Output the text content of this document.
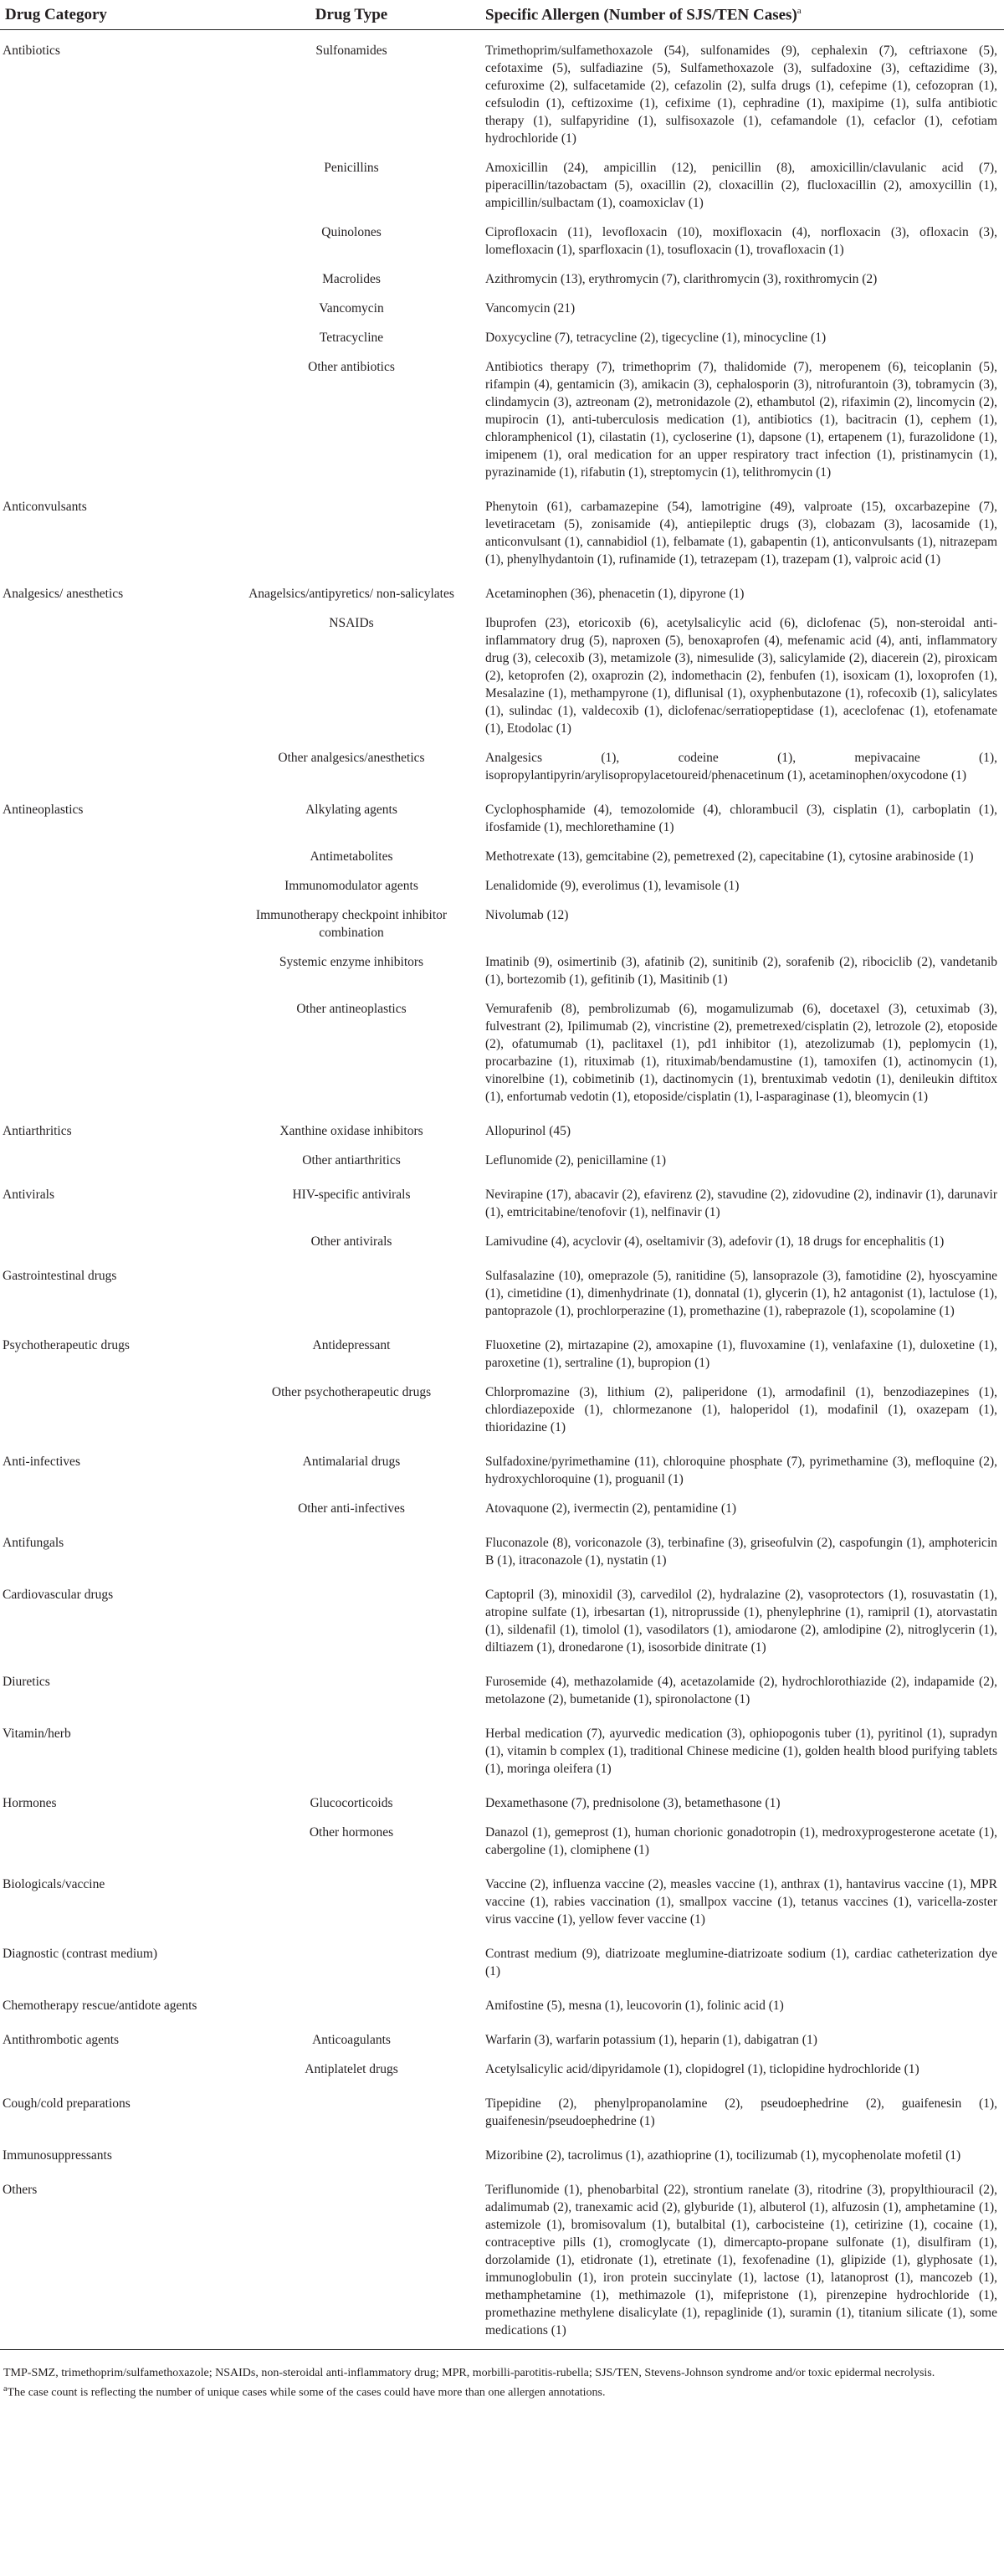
Drug Category	Drug Type	Specific Allergen (Number of SJS/TEN Cases)$^a$
Antibiotics	Sulfonamides	Trimethoprim/sulfamethoxazole (54), sulfonamides (9), cephalexin (7), ceftriaxone (5), cefotaxime (5), sulfadiazine (5), Sulfamethoxazole (3), sulfadoxine (3), ceftazidime (3), cefuroxime (2), sulfacetamide (2), cefazolin (2), sulfa drugs (1), cefepime (1), cefozopran (1), cefsulodin (1), ceftizoxime (1), cefixime (1), cephradine (1), maxipime (1), sulfa antibiotic therapy (1), sulfapyridine (1), sulfisoxazole (1), cefamandole (1), cefaclor (1), cefotiam hydrochloride (1)
	Penicillins	Amoxicillin (24), ampicillin (12), penicillin (8), amoxicillin/clavulanic acid (7), piperacillin/tazobactam (5), oxacillin (2), cloxacillin (2), flucloxacillin (2), amoxycillin (1), ampicillin/sulbactam (1), coamoxiclav (1)
	Quinolones	Ciprofloxacin (11), levofloxacin (10), moxifloxacin (4), norfloxacin (3), ofloxacin (3), lomefloxacin (1), sparfloxacin (1), tosufloxacin (1), trovafloxacin (1)
	Macrolides	Azithromycin (13), erythromycin (7), clarithromycin (3), roxithromycin (2)
	Vancomycin	Vancomycin (21)
	Tetracycline	Doxycycline (7), tetracycline (2), tigecycline (1), minocycline (1)
	Other antibiotics	Antibiotics therapy (7), trimethoprim (7), thalidomide (7), meropenem (6), teicoplanin (5), rifampin (4), gentamicin (3), amikacin (3), cephalosporin (3), nitrofurantoin (3), tobramycin (3), clindamycin (3), aztreonam (2), metronidazole (2), ethambutol (2), rifaximin (2), lincomycin (2), mupirocin (1), anti-tuberculosis medication (1), antibiotics (1), bacitracin (1), cephem (1), chloramphenicol (1), cilastatin (1), cycloserine (1), dapsone (1), ertapenem (1), furazolidone (1), imipenem (1), oral medication for an upper respiratory tract infection (1), pristinamycin (1), pyrazinamide (1), rifabutin (1), streptomycin (1), telithromycin (1)
Anticonvulsants		Phenytoin (61), carbamazepine (54), lamotrigine (49), valproate (15), oxcarbazepine (7), levetiracetam (5), zonisamide (4), antiepileptic drugs (3), clobazam (3), lacosamide (1), anticonvulsant (1), cannabidiol (1), felbamate (1), gabapentin (1), anticonvulsants (1), nitrazepam (1), phenylhydantoin (1), rufinamide (1), tetrazepam (1), trazepam (1), valproic acid (1)
Analgesics/ anesthetics	Anagelsics/antipyretics/ non-salicylates	Acetaminophen (36), phenacetin (1), dipyrone (1)
	NSAIDs	Ibuprofen (23), etoricoxib (6), acetylsalicylic acid (6), diclofenac (5), non-steroidal anti-inflammatory drug (5), naproxen (5), benoxaprofen (4), mefenamic acid (4), anti, inflammatory drug (3), celecoxib (3), metamizole (3), nimesulide (3), salicylamide (2), diacerein (2), piroxicam (2), ketoprofen (2), oxaprozin (2), indomethacin (2), fenbufen (1), isoxicam (1), loxoprofen (1), Mesalazine (1), methampyrone (1), diflunisal (1), oxyphenbutazone (1), rofecoxib (1), salicylates (1), sulindac (1), valdecoxib (1), diclofenac/serratiopeptidase (1), aceclofenac (1), etofenamate (1), Etodolac (1)
	Other analgesics/anesthetics	Analgesics (1), codeine (1), mepivacaine (1), isopropylantipyrin/arylisopropylacetoureid/phenacetinum (1), acetaminophen/oxycodone (1)
Antineoplastics	Alkylating agents	Cyclophosphamide (4), temozolomide (4), chlorambucil (3), cisplatin (1), carboplatin (1), ifosfamide (1), mechlorethamine (1)
	Antimetabolites	Methotrexate (13), gemcitabine (2), pemetrexed (2), capecitabine (1), cytosine arabinoside (1)
	Immunomodulator agents	Lenalidomide (9), everolimus (1), levamisole (1)
	Immunotherapy checkpoint inhibitor combination	Nivolumab (12)
	Systemic enzyme inhibitors	Imatinib (9), osimertinib (3), afatinib (2), sunitinib (2), sorafenib (2), ribociclib (2), vandetanib (1), bortezomib (1), gefitinib (1), Masitinib (1)
	Other antineoplastics	Vemurafenib (8), pembrolizumab (6), mogamulizumab (6), docetaxel (3), cetuximab (3), fulvestrant (2), Ipilimumab (2), vincristine (2), premetrexed/cisplatin (2), letrozole (2), etoposide (2), ofatumumab (1), paclitaxel (1), pd1 inhibitor (1), atezolizumab (1), peplomycin (1), procarbazine (1), rituximab (1), rituximab/bendamustine (1), tamoxifen (1), actinomycin (1), vinorelbine (1), cobimetinib (1), dactinomycin (1), brentuximab vedotin (1), denileukin diftitox (1), enfortumab vedotin (1), etoposide/cisplatin (1), l-asparaginase (1), bleomycin (1)
Antiarthritics	Xanthine oxidase inhibitors	Allopurinol (45)
	Other antiarthritics	Leflunomide (2), penicillamine (1)
Antivirals	HIV-specific antivirals	Nevirapine (17), abacavir (2), efavirenz (2), stavudine (2), zidovudine (2), indinavir (1), darunavir (1), emtricitabine/tenofovir (1), nelfinavir (1)
	Other antivirals	Lamivudine (4), acyclovir (4), oseltamivir (3), adefovir (1), 18 drugs for encephalitis (1)
Gastrointestinal drugs		Sulfasalazine (10), omeprazole (5), ranitidine (5), lansoprazole (3), famotidine (2), hyoscyamine (1), cimetidine (1), dimenhydrinate (1), donnatal (1), glycerin (1), h2 antagonist (1), lactulose (1), pantoprazole (1), prochlorperazine (1), promethazine (1), rabeprazole (1), scopolamine (1)
Psychotherapeutic drugs	Antidepressant	Fluoxetine (2), mirtazapine (2), amoxapine (1), fluvoxamine (1), venlafaxine (1), duloxetine (1), paroxetine (1), sertraline (1), bupropion (1)
	Other psychotherapeutic drugs	Chlorpromazine (3), lithium (2), paliperidone (1), armodafinil (1), benzodiazepines (1), chlordiazepoxide (1), chlormezanone (1), haloperidol (1), modafinil (1), oxazepam (1), thioridazine (1)
Anti-infectives	Antimalarial drugs	Sulfadoxine/pyrimethamine (11), chloroquine phosphate (7), pyrimethamine (3), mefloquine (2), hydroxychloroquine (1), proguanil (1)
	Other anti-infectives	Atovaquone (2), ivermectin (2), pentamidine (1)
Antifungals		Fluconazole (8), voriconazole (3), terbinafine (3), griseofulvin (2), caspofungin (1), amphotericin B (1), itraconazole (1), nystatin (1)
Cardiovascular drugs		Captopril (3), minoxidil (3), carvedilol (2), hydralazine (2), vasoprotectors (1), rosuvastatin (1), atropine sulfate (1), irbesartan (1), nitroprusside (1), phenylephrine (1), ramipril (1), atorvastatin (1), sildenafil (1), timolol (1), vasodilators (1), amiodarone (2), amlodipine (2), nitroglycerin (1), diltiazem (1), dronedarone (1), isosorbide dinitrate (1)
Diuretics		Furosemide (4), methazolamide (4), acetazolamide (2), hydrochlorothiazide (2), indapamide (2), metolazone (2), bumetanide (1), spironolactone (1)
Vitamin/herb		Herbal medication (7), ayurvedic medication (3), ophiopogonis tuber (1), pyritinol (1), supradyn (1), vitamin b complex (1), traditional Chinese medicine (1), golden health blood purifying tablets (1), moringa oleifera (1)
Hormones	Glucocorticoids	Dexamethasone (7), prednisolone (3), betamethasone (1)
	Other hormones	Danazol (1), gemeprost (1), human chorionic gonadotropin (1), medroxyprogesterone acetate (1), cabergoline (1), clomiphene (1)
Biologicals/vaccine		Vaccine (2), influenza vaccine (2), measles vaccine (1), anthrax (1), hantavirus vaccine (1), MPR vaccine (1), rabies vaccination (1), smallpox vaccine (1), tetanus vaccines (1), varicella-zoster virus vaccine (1), yellow fever vaccine (1)
Diagnostic (contrast medium)		Contrast medium (9), diatrizoate meglumine-diatrizoate sodium (1), cardiac catheterization dye (1)
Chemotherapy rescue/antidote agents		Amifostine (5), mesna (1), leucovorin (1), folinic acid (1)
Antithrombotic agents	Anticoagulants	Warfarin (3), warfarin potassium (1), heparin (1), dabigatran (1)
	Antiplatelet drugs	Acetylsalicylic acid/dipyridamole (1), clopidogrel (1), ticlopidine hydrochloride (1)
Cough/cold preparations		Tipepidine (2), phenylpropanolamine (2), pseudoephedrine (2), guaifenesin (1), guaifenesin/pseudoephedrine (1)
Immunosuppressants		Mizoribine (2), tacrolimus (1), azathioprine (1), tocilizumab (1), mycophenolate mofetil (1)
Others		Teriflunomide (1), phenobarbital (22), strontium ranelate (3), ritodrine (3), propylthiouracil (2), adalimumab (2), tranexamic acid (2), glyburide (1), albuterol (1), alfuzosin (1), amphetamine (1), astemizole (1), bromisovalum (1), butalbital (1), carbocisteine (1), cetirizine (1), cocaine (1), contraceptive pills (1), cromoglycate (1), dimercapto-propane sulfonate (1), disulfiram (1), dorzolamide (1), etidronate (1), etretinate (1), fexofenadine (1), glipizide (1), glyphosate (1), immunoglobulin (1), iron protein succinylate (1), lactose (1), latanoprost (1), mancozeb (1), methamphetamine (1), methimazole (1), mifepristone (1), pirenzepine hydrochloride (1), promethazine methylene disalicylate (1), repaglinide (1), suramin (1), titanium silicate (1), some medications (1)

TMP-SMZ, trimethoprim/sulfamethoxazole; NSAIDs, non-steroidal anti-inflammatory drug; MPR, morbilli-parotitis-rubella; SJS/TEN, Stevens-Johnson syndrome and/or toxic epidermal necrolysis.

$^a$The case count is reflecting the number of unique cases while some of the cases could have more than one allergen annotations.
